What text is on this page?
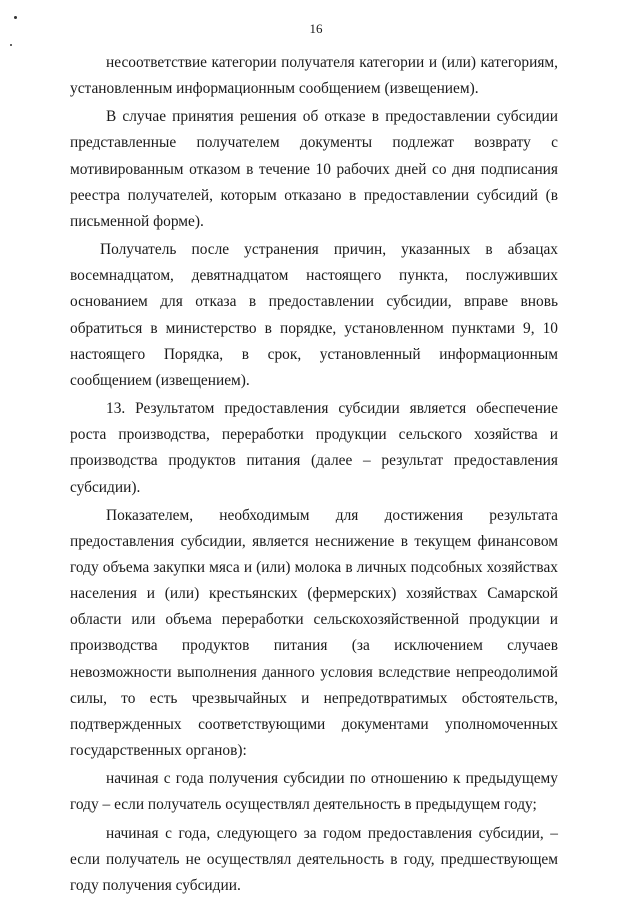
16

несоответствие категории получателя категории и (или) категориям, установленным информационным сообщением (извещением).

В случае принятия решения об отказе в предоставлении субсидии представленные получателем документы подлежат возврату с мотивированным отказом в течение 10 рабочих дней со дня подписания реестра получателей, которым отказано в предоставлении субсидий (в письменной форме).

Получатель после устранения причин, указанных в абзацах восемнадцатом, девятнадцатом настоящего пункта, послуживших основанием для отказа в предоставлении субсидии, вправе вновь обратиться в министерство в порядке, установленном пунктами 9, 10 настоящего Порядка, в срок, установленный информационным сообщением (извещением).

13. Результатом предоставления субсидии является обеспечение роста производства, переработки продукции сельского хозяйства и производства продуктов питания (далее – результат предоставления субсидии).

Показателем, необходимым для достижения результата предоставления субсидии, является неснижение в текущем финансовом году объема закупки мяса и (или) молока в личных подсобных хозяйствах населения и (или) крестьянских (фермерских) хозяйствах Самарской области или объема переработки сельскохозяйственной продукции и производства продуктов питания (за исключением случаев невозможности выполнения данного условия вследствие непреодолимой силы, то есть чрезвычайных и непредотвратимых обстоятельств, подтвержденных соответствующими документами уполномоченных государственных органов):

начиная с года получения субсидии по отношению к предыдущему году – если получатель осуществлял деятельность в предыдущем году;

начиная с года, следующего за годом предоставления субсидии, – если получатель не осуществлял деятельность в году, предшествующем году получения субсидии.
